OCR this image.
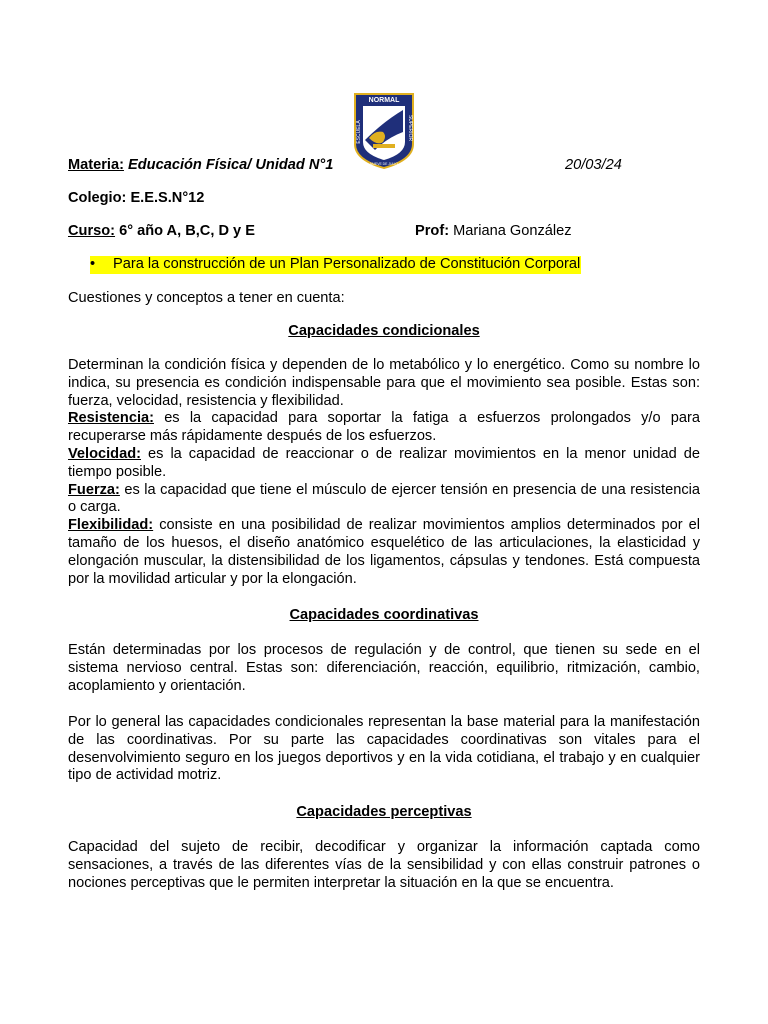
NORMAL
ESCUELA	SUPERIOR
NUEVE DE JULIO
Materia: Educación Física/ Unidad N°1	20/03/24
Colegio: E.E.S.N°12
Curso: 6° año A, B,C, D y E	Prof: Mariana González
• Para la construcción de un Plan Personalizado de Constitución Corporal
Cuestiones y conceptos a tener en cuenta:
Capacidades condicionales

Determinan la condición física y dependen de lo metabólico y lo energético. Como su nombre lo indica, su presencia es condición indispensable para que el movimiento sea posible. Estas son: fuerza, velocidad, resistencia y flexibilidad.

Resistencia: es la capacidad para soportar la fatiga a esfuerzos prolongados y/o para recuperarse más rápidamente después de los esfuerzos.

Velocidad: es la capacidad de reaccionar o de realizar movimientos en la menor unidad de tiempo posible.

Fuerza: es la capacidad que tiene el músculo de ejercer tensión en presencia de una resistencia o carga.

Flexibilidad: consiste en una posibilidad de realizar movimientos amplios determinados por el tamaño de los huesos, el diseño anatómico esquelético de las articulaciones, la elasticidad y elongación muscular, la distensibilidad de los ligamentos, cápsulas y tendones. Está compuesta por la movilidad articular y por la elongación.

Capacidades coordinativas
Están determinadas por los procesos de regulación y de control, que tienen su sede en el sistema nervioso central. Estas son: diferenciación, reacción, equilibrio, ritmización, cambio, acoplamiento y orientación.
Por lo general las capacidades condicionales representan la base material para la manifestación de las coordinativas. Por su parte las capacidades coordinativas son vitales para el desenvolvimiento seguro en los juegos deportivos y en la vida cotidiana, el trabajo y en cualquier tipo de actividad motriz.
Capacidades perceptivas
Capacidad del sujeto de recibir, decodificar y organizar la información captada como sensaciones, a través de las diferentes vías de la sensibilidad y con ellas construir patrones o nociones perceptivas que le permiten interpretar la situación en la que se encuentra.
